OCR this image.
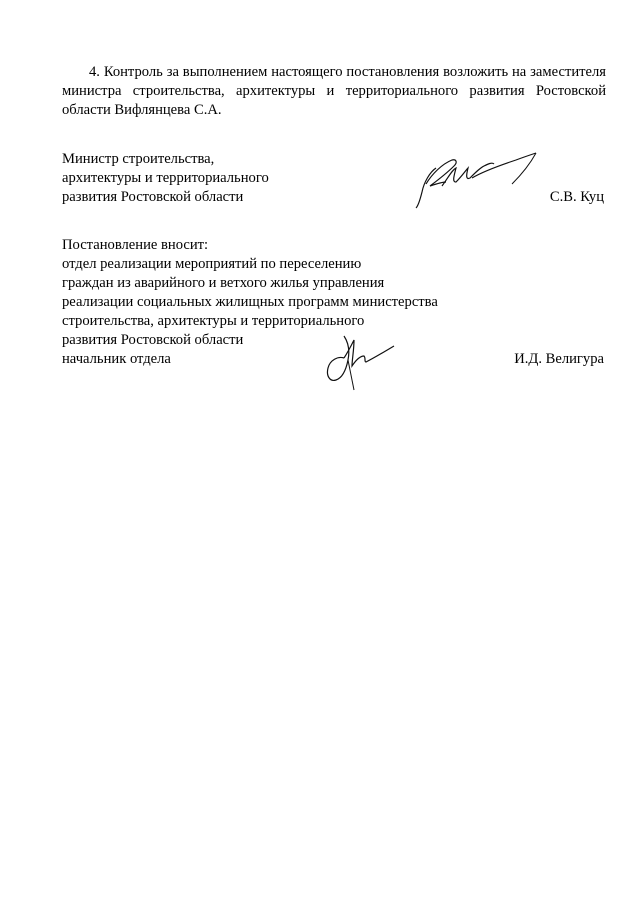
4. Контроль за выполнением настоящего постановления возложить на заместителя министра строительства, архитектуры и территориального развития Ростовской области Вифлянцева С.А.

Министр строительства,
архитектуры и территориального
развития Ростовской области	С.В. Куц
Постановление вносит:
отдел реализации мероприятий по переселению
граждан из аварийного и ветхого жилья управления
реализации социальных жилищных программ министерства
строительства, архитектуры и территориального
развития Ростовской области
начальник отдела	И.Д. Велигура
